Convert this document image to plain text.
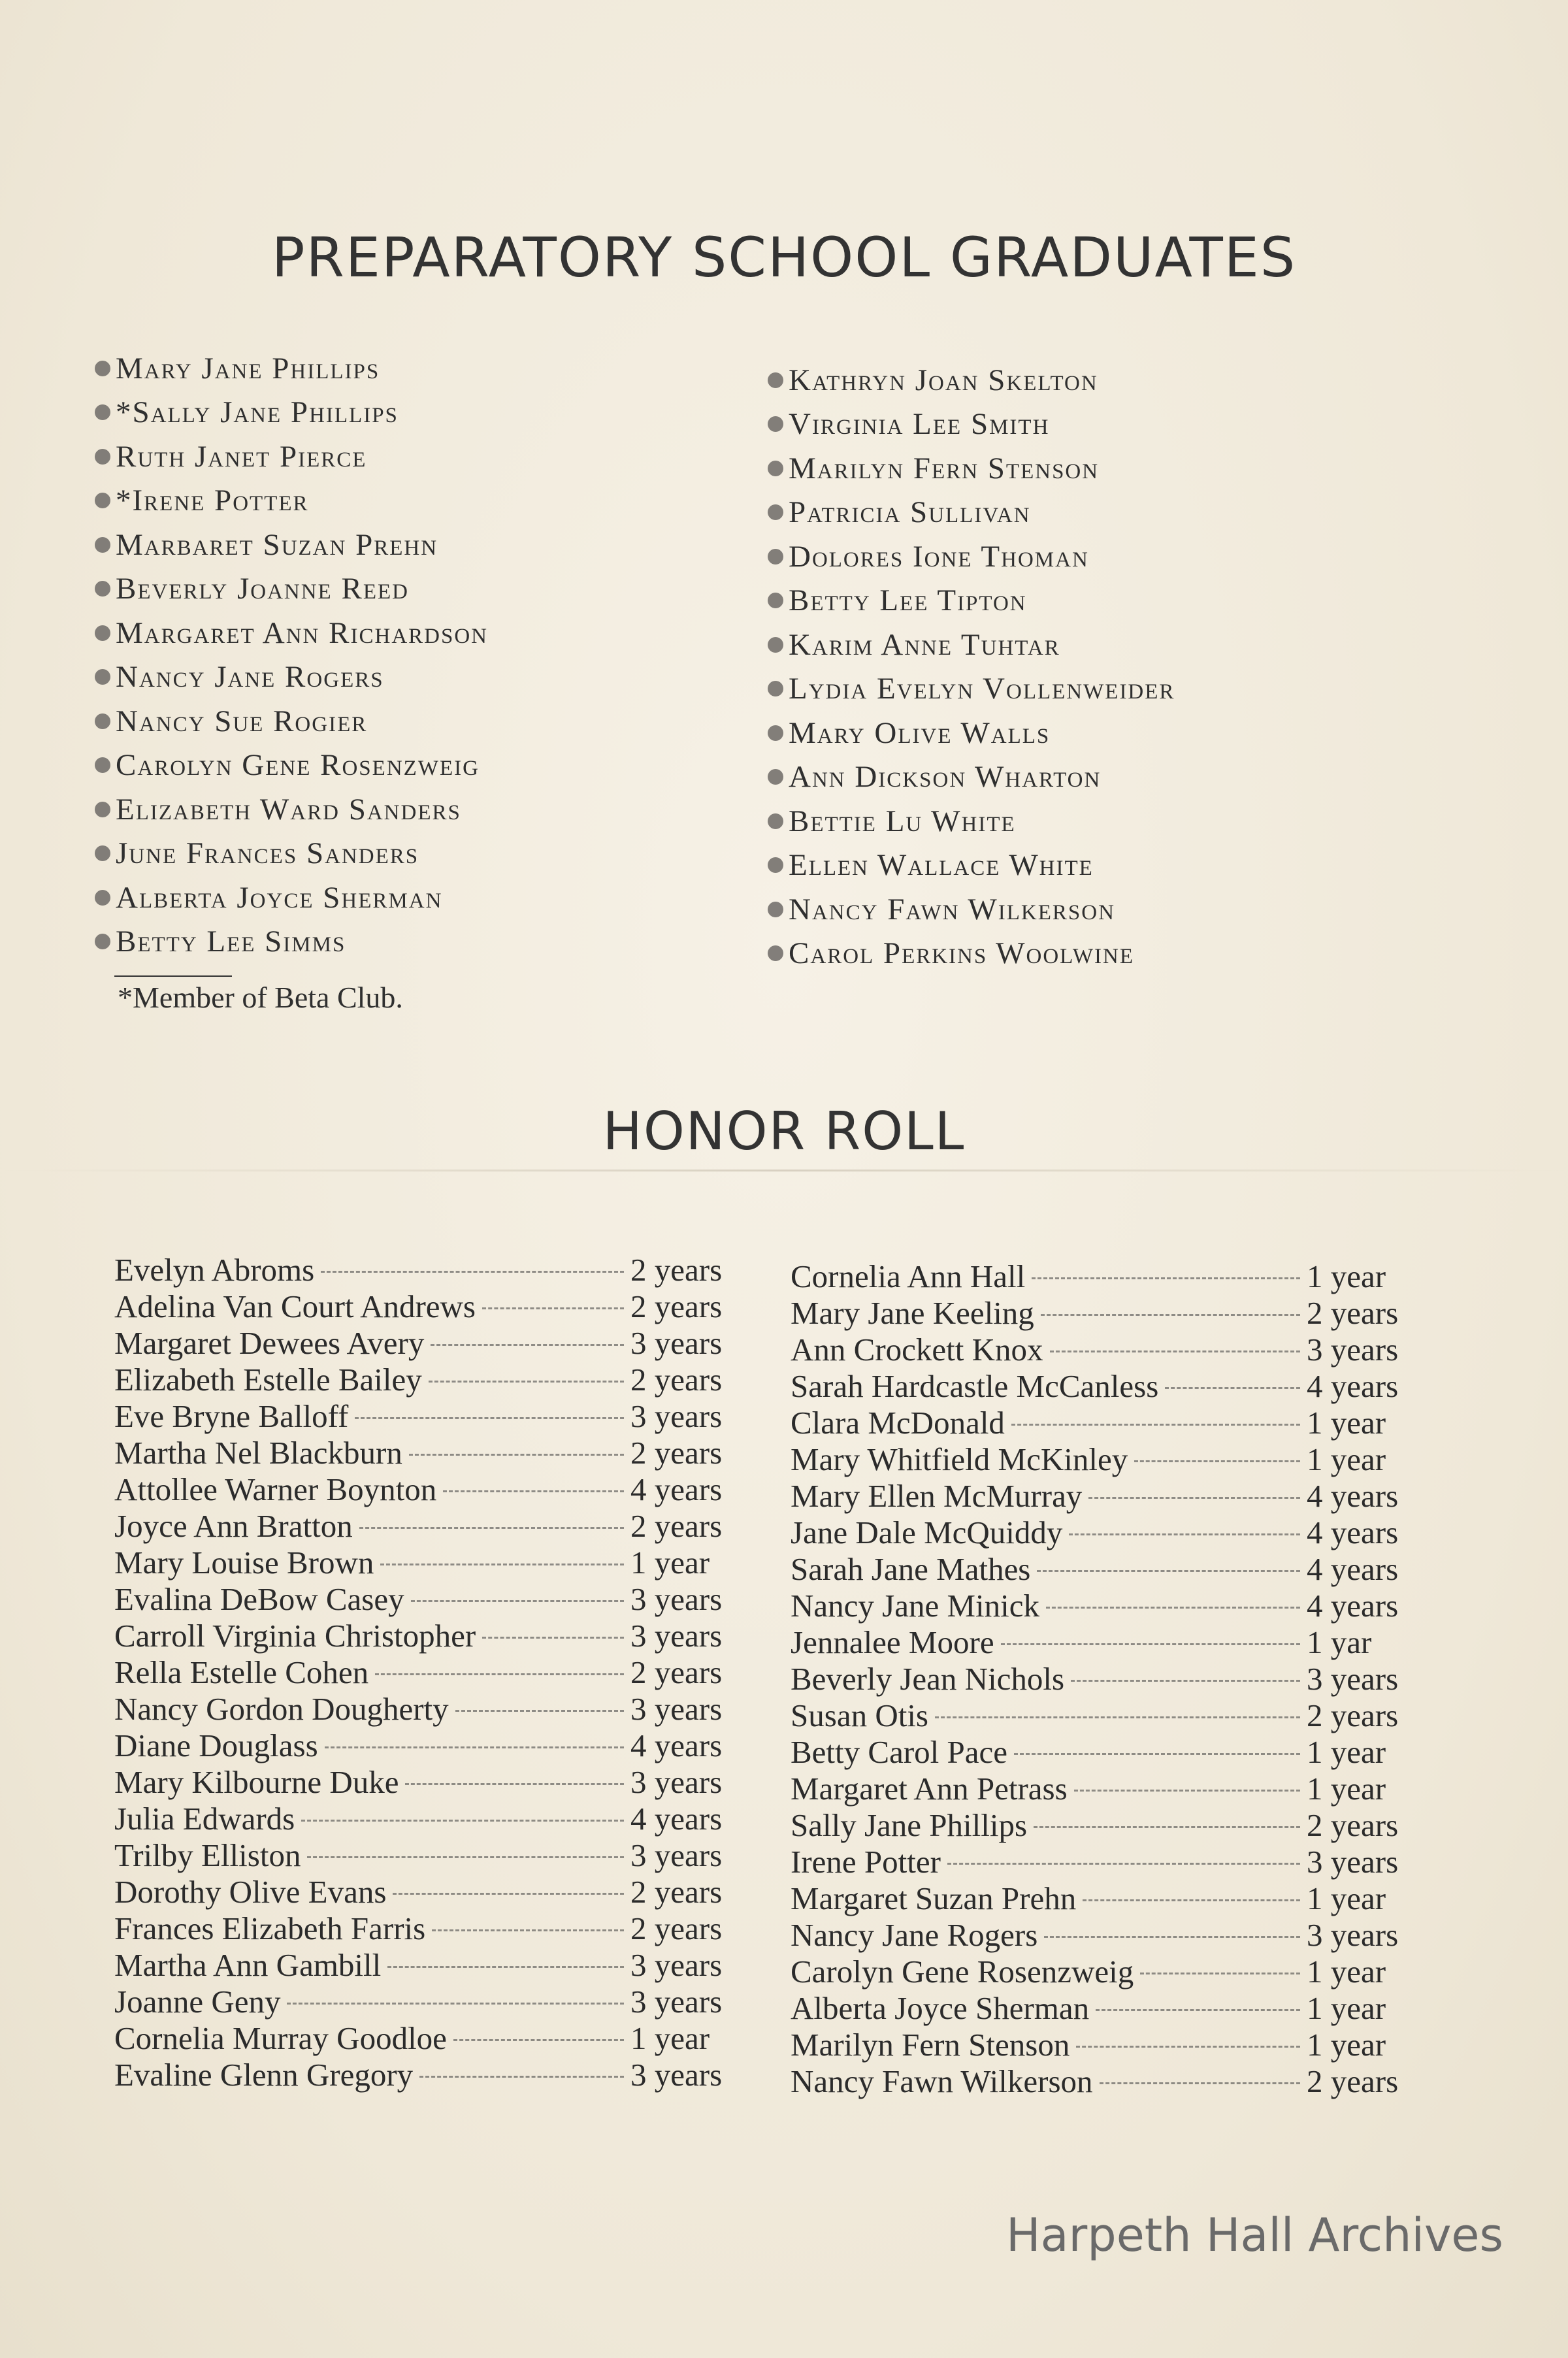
PREPARATORY SCHOOL GRADUATES
Mary Jane Phillips
*Sally Jane Phillips
Ruth Janet Pierce
*Irene Potter
Marbaret Suzan Prehn
Beverly Joanne Reed
Margaret Ann Richardson
Nancy Jane Rogers
Nancy Sue Rogier
Carolyn Gene Rosenzweig
Elizabeth Ward Sanders
June Frances Sanders
Alberta Joyce Sherman
Betty Lee Simms
Kathryn Joan Skelton
Virginia Lee Smith
Marilyn Fern Stenson
Patricia Sullivan
Dolores Ione Thoman
Betty Lee Tipton
Karim Anne Tuhtar
Lydia Evelyn Vollenweider
Mary Olive Walls
Ann Dickson Wharton
Bettie Lu White
Ellen Wallace White
Nancy Fawn Wilkerson
Carol Perkins Woolwine
*Member of Beta Club.
HONOR ROLL
Evelyn Abroms	2 years
Adelina Van Court Andrews	2 years
Margaret Dewees Avery	3 years
Elizabeth Estelle Bailey	2 years
Eve Bryne Balloff	3 years
Martha Nel Blackburn	2 years
Attollee Warner Boynton	4 years
Joyce Ann Bratton	2 years
Mary Louise Brown	1 year
Evalina DeBow Casey	3 years
Carroll Virginia Christopher	3 years
Rella Estelle Cohen	2 years
Nancy Gordon Dougherty	3 years
Diane Douglass	4 years
Mary Kilbourne Duke	3 years
Julia Edwards	4 years
Trilby Elliston	3 years
Dorothy Olive Evans	2 years
Frances Elizabeth Farris	2 years
Martha Ann Gambill	3 years
Joanne Geny	3 years
Cornelia Murray Goodloe	1 year
Evaline Glenn Gregory	3 years
Cornelia Ann Hall	1 year
Mary Jane Keeling	2 years
Ann Crockett Knox	3 years
Sarah Hardcastle McCanless	4 years
Clara McDonald	1 year
Mary Whitfield McKinley	1 year
Mary Ellen McMurray	4 years
Jane Dale McQuiddy	4 years
Sarah Jane Mathes	4 years
Nancy Jane Minick	4 years
Jennalee Moore	1 yar
Beverly Jean Nichols	3 years
Susan Otis	2 years
Betty Carol Pace	1 year
Margaret Ann Petrass	1 year
Sally Jane Phillips	2 years
Irene Potter	3 years
Margaret Suzan Prehn	1 year
Nancy Jane Rogers	3 years
Carolyn Gene Rosenzweig	1 year
Alberta Joyce Sherman	1 year
Marilyn Fern Stenson	1 year
Nancy Fawn Wilkerson	2 years
Harpeth Hall Archives
